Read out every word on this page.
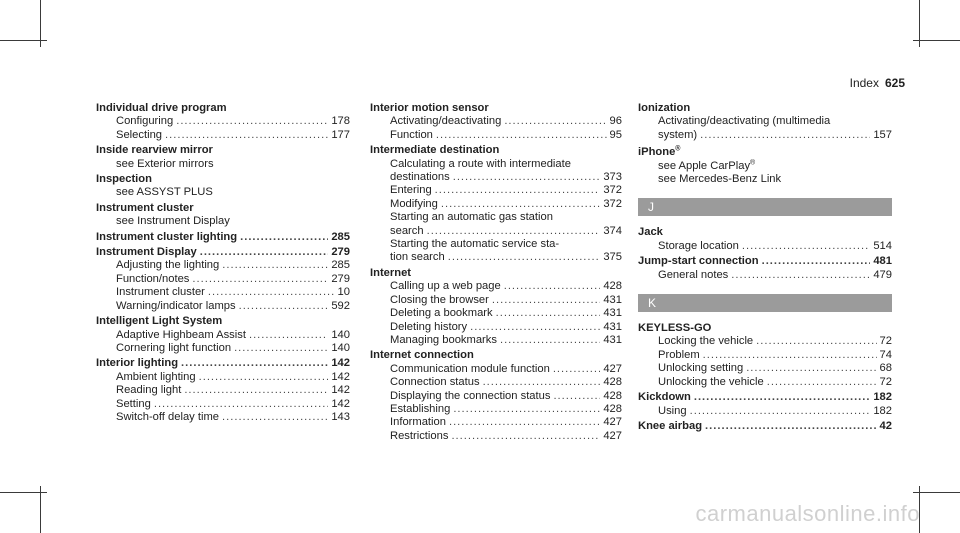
Index 625
Individual drive program
Configuring .....	178
Selecting .....	177
Inside rearview mirror
see Exterior mirrors
Inspection
see ASSYST PLUS
Instrument cluster
see Instrument Display
Instrument cluster lighting .....	285
Instrument Display .....	279
Adjusting the lighting .....	285
Function/notes .....	279
Instrument cluster .....	10
Warning/indicator lamps .....	592
Intelligent Light System
Adaptive Highbeam Assist .....	140
Cornering light function .....	140
Interior lighting .....	142
Ambient lighting .....	142
Reading light .....	142
Setting .....	142
Switch-off delay time .....	143
Interior motion sensor
Activating/deactivating .....	96
Function .....	95
Intermediate destination
Calculating a route with intermediate
destinations .....	373
Entering .....	372
Modifying .....	372
Starting an automatic gas station
search .....	374
Starting the automatic service sta-
tion search .....	375
Internet
Calling up a web page .....	428
Closing the browser .....	431
Deleting a bookmark .....	431
Deleting history .....	431
Managing bookmarks .....	431
Internet connection
Communication module function .....	427
Connection status .....	428
Displaying the connection status .....	428
Establishing .....	428
Information .....	427
Restrictions .....	427
Ionization
Activating/deactivating (multimedia
system) .....	157
iPhone®
see Apple CarPlay®
see Mercedes-Benz Link
J
Jack
Storage location .....	514
Jump-start connection .....	481
General notes .....	479
K
KEYLESS-GO
Locking the vehicle .....	72
Problem .....	74
Unlocking setting .....	68
Unlocking the vehicle .....	72
Kickdown .....	182
Using .....	182
Knee airbag .....	42
carmanualsonline.info
